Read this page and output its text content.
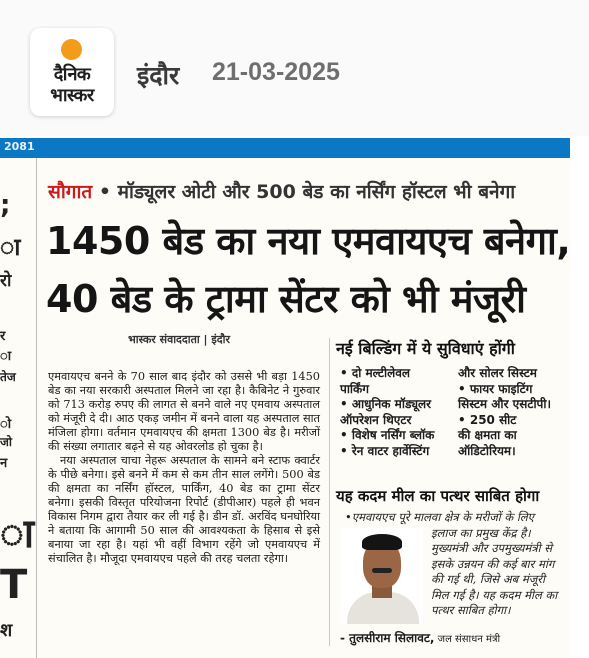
दैनिक
भास्कर
इंदौर 21-03-2025
2081
;
ा
रो
र
ा
तेज
ो
जो
न
ा
T
श
सौगात • मॉड्यूलर ओटी और 500 बेड का नर्सिंग हॉस्टल भी बनेगा
1450 बेड का नया एमवायएच बनेगा,
40 बेड के ट्रामा सेंटर को भी मंजूरी
भास्कर संवाददाता | इंदौर

एमवायएच बनने के 70 साल बाद इंदौर को उससे भी बड़ा 1450 बेड का नया सरकारी अस्पताल मिलने जा रहा है। कैबिनेट ने गुरुवार को 713 करोड़ रुपए की लागत से बनने वाले नए एमवाय अस्पताल को मंजूरी दे दी। आठ एकड़ जमीन में बनने वाला यह अस्पताल सात मंजिला होगा। वर्तमान एमवायएच की क्षमता 1300 बेड है। मरीजों की संख्या लगातार बढ़ने से यह ओवरलोड हो चुका है।

नया अस्पताल चाचा नेहरू अस्पताल के सामने बने स्टाफ क्वार्टर के पीछे बनेगा। इसे बनने में कम से कम तीन साल लगेंगे। 500 बेड की क्षमता का नर्सिंग हॉस्टल, पार्किंग, 40 बेड का ट्रामा सेंटर बनेगा। इसकी विस्तृत परियोजना रिपोर्ट (डीपीआर) पहले ही भवन विकास निगम द्वारा तैयार कर ली गई है। डीन डॉ. अरविंद घनघोरिया ने बताया कि आगामी 50 साल की आवश्यकता के हिसाब से इसे बनाया जा रहा है। यहां भी वहीं विभाग रहेंगे जो एमवायएच में संचालित है। मौजूदा एमवायएच पहले की तरह चलता रहेगा।

नई बिल्डिंग में ये सुविधाएं होंगी

• दो मल्टीलेवल

पार्किंग

• आधुनिक मॉड्यूलर

ऑपरेशन थिएटर

• विशेष नर्सिंग ब्लॉक

• रेन वाटर हार्वेस्टिंग

और सोलर सिस्टम

• फायर फाइटिंग

सिस्टम और एसटीपी।

• 250 सीट

की क्षमता का

ऑडिटोरियम।

यह कदम मील का पत्थर साबित होगा
•एमवायएच पूरे मालवा क्षेत्र के मरीजों के लिए
इलाज का प्रमुख केंद्र है।
मुख्यमंत्री और उपमुख्यमंत्री से
इसके उन्नयन की कई बार मांग
की गई थी, जिसे अब मंजूरी
मिल गई है। यह कदम मील का
पत्थर साबित होगा।
- तुलसीराम सिलावट, जल संसाधन मंत्री
